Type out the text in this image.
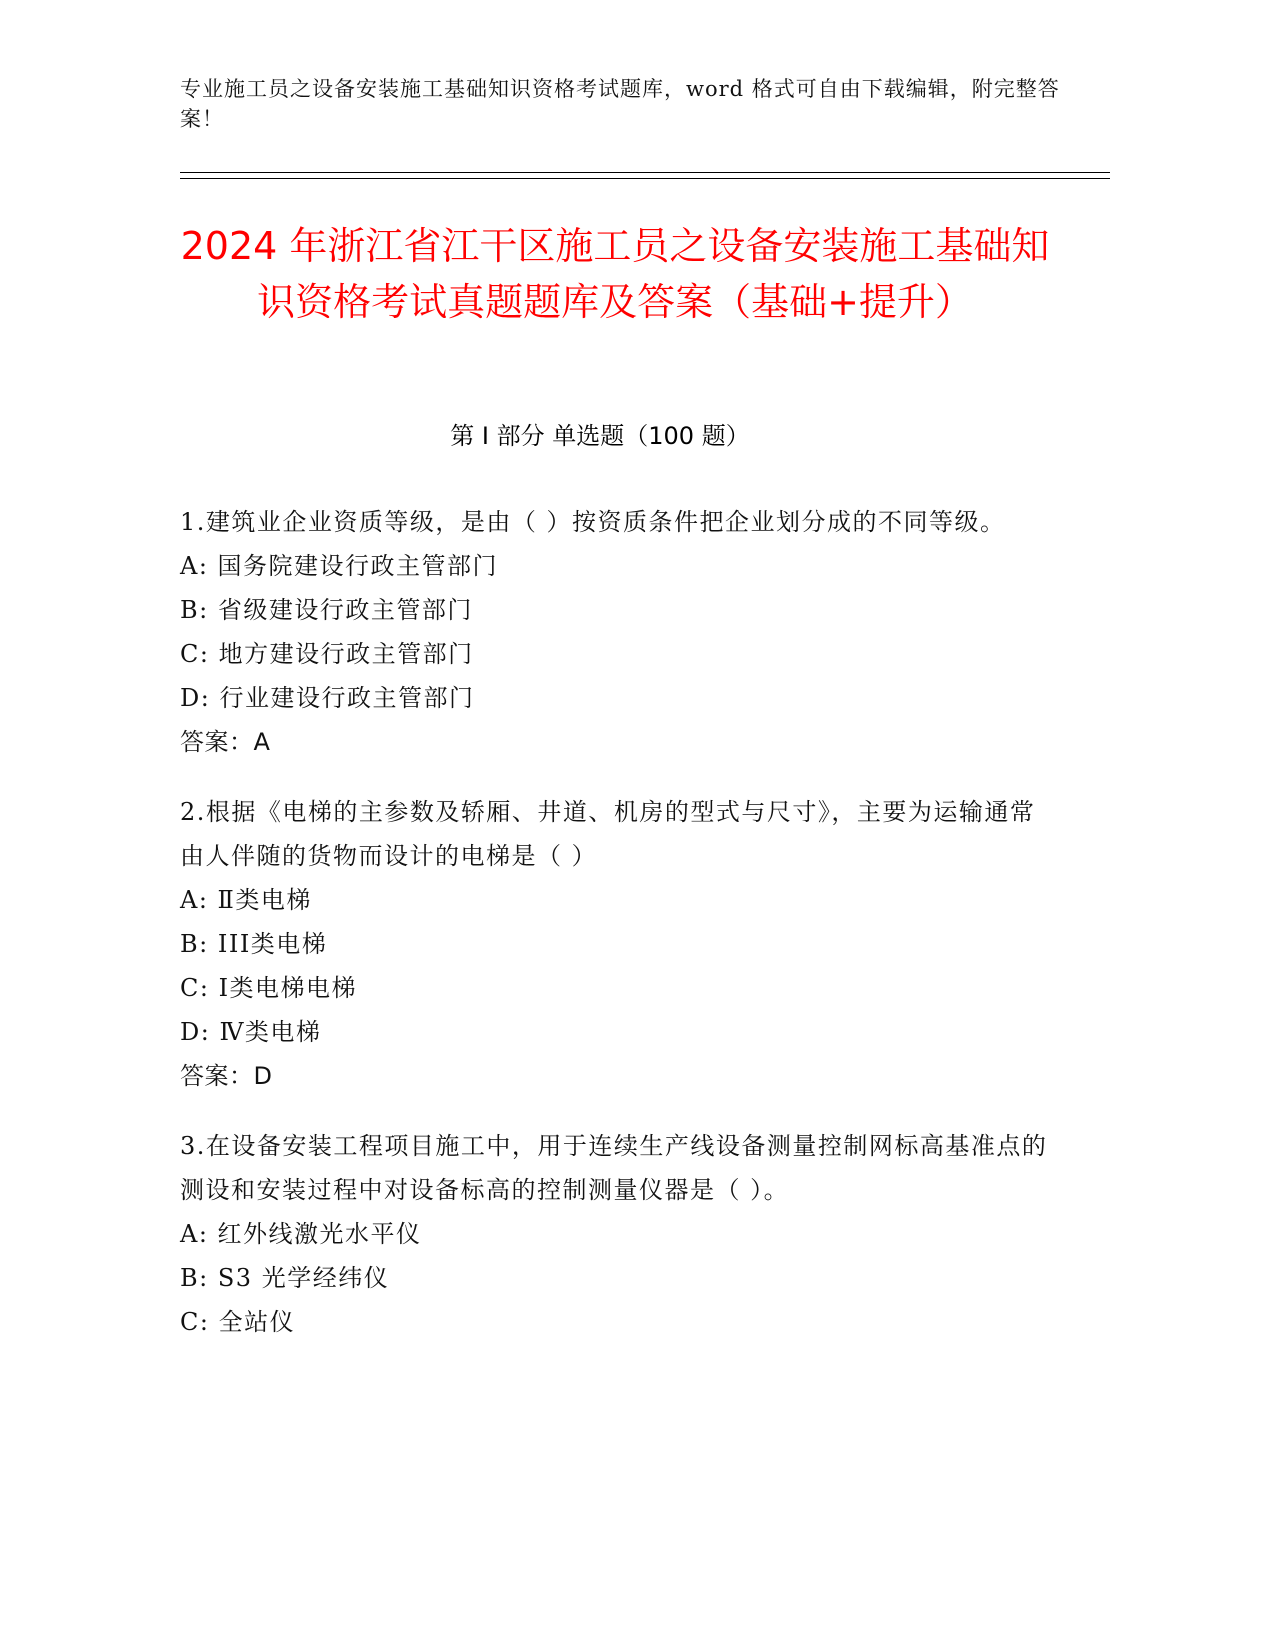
专业施工员之设备安装施工基础知识资格考试题库，word 格式可自由下载编辑，附完整答案！
2024 年浙江省江干区施工员之设备安装施工基础知识资格考试真题题库及答案（基础+提升）
第 I 部分 单选题（100 题）
1.建筑业企业资质等级，是由（ ）按资质条件把企业划分成的不同等级。
A: 国务院建设行政主管部门
B: 省级建设行政主管部门
C: 地方建设行政主管部门
D: 行业建设行政主管部门
答案：A
2.根据《电梯的主参数及轿厢、井道、机房的型式与尺寸》，主要为运输通常由人伴随的货物而设计的电梯是（ ）
A: Ⅱ类电梯
B: III类电梯
C: Ⅰ类电梯电梯
D: Ⅳ类电梯
答案：D
3.在设备安装工程项目施工中，用于连续生产线设备测量控制网标高基准点的测设和安装过程中对设备标高的控制测量仪器是（ ）。
A: 红外线激光水平仪
B: S3 光学经纬仪
C: 全站仪
